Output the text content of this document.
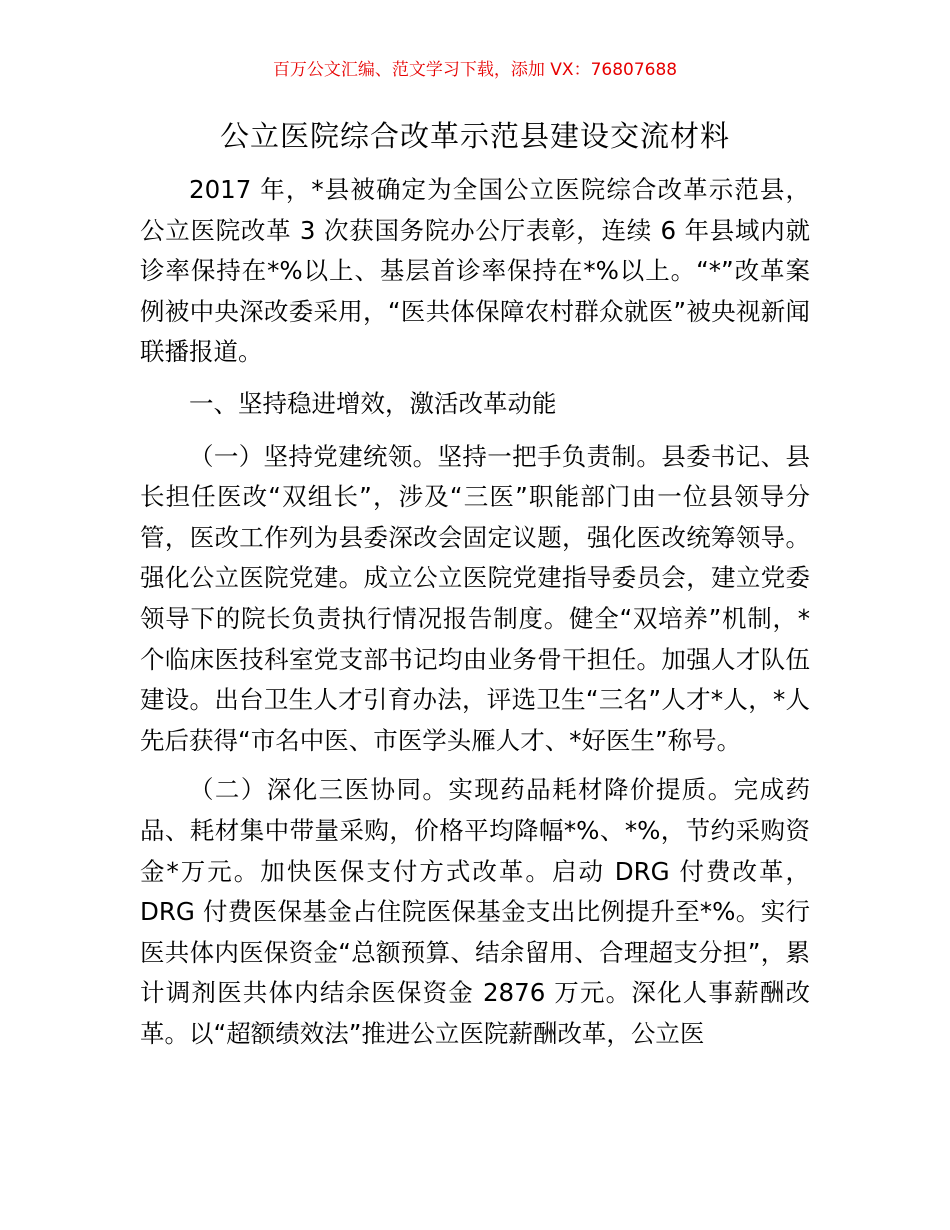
百万公文汇编、范文学习下载，添加 VX：76807688
公立医院综合改革示范县建设交流材料

2017 年，*县被确定为全国公立医院综合改革示范县，公立医院改革 3 次获国务院办公厅表彰，连续 6 年县域内就诊率保持在*%以上、基层首诊率保持在*%以上。“*”改革案例被中央深改委采用，“医共体保障农村群众就医”被央视新闻联播报道。

一、坚持稳进增效，激活改革动能

（一）坚持党建统领。坚持一把手负责制。县委书记、县长担任医改“双组长”，涉及“三医”职能部门由一位县领导分管，医改工作列为县委深改会固定议题，强化医改统筹领导。强化公立医院党建。成立公立医院党建指导委员会，建立党委领导下的院长负责执行情况报告制度。健全“双培养”机制，*个临床医技科室党支部书记均由业务骨干担任。加强人才队伍建设。出台卫生人才引育办法，评选卫生“三名”人才*人，*人先后获得“市名中医、市医学头雁人才、*好医生”称号。

（二）深化三医协同。实现药品耗材降价提质。完成药品、耗材集中带量采购，价格平均降幅*%、*%，节约采购资金*万元。加快医保支付方式改革。启动 DRG 付费改革，DRG 付费医保基金占住院医保基金支出比例提升至*%。实行医共体内医保资金“总额预算、结余留用、合理超支分担”，累计调剂医共体内结余医保资金 2876 万元。深化人事薪酬改革。以“超额绩效法”推进公立医院薪酬改革，公立医
